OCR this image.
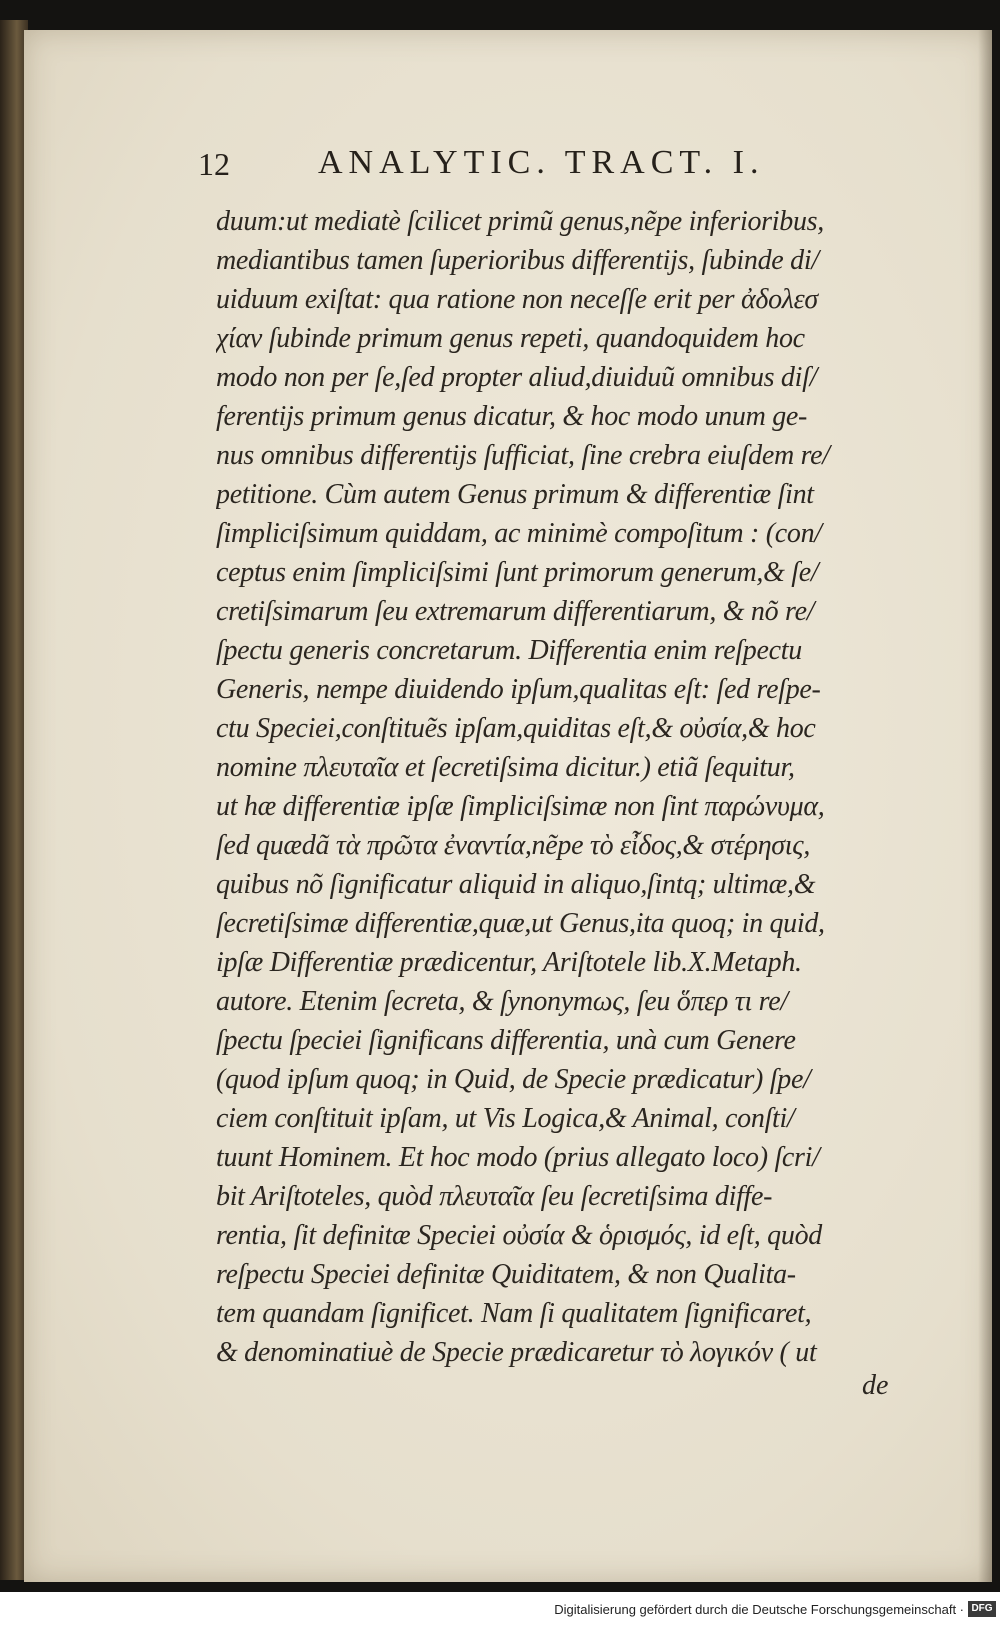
12	ANALYTIC. TRACT. I.
duum:ut mediatè ſcilicet primũ genus,nẽpe inferioribus,
mediantibus tamen ſuperioribus differentijs, ſubinde di/
uiduum exiſtat: qua ratione non neceſſe erit per ἀδολεσ
χίαν ſubinde primum genus repeti, quandoquidem hoc
modo non per ſe,ſed propter aliud,diuiduũ omnibus diſ/
ferentijs primum genus dicatur, & hoc modo unum ge-
nus omnibus differentijs ſufficiat, ſine crebra eiuſdem re/
petitione. Cùm autem Genus primum & differentiæ ſint
ſimpliciſsimum quiddam, ac minimè compoſitum : (con/
ceptus enim ſimpliciſsimi ſunt primorum generum,& ſe/
cretiſsimarum ſeu extremarum differentiarum, & nõ re/
ſpectu generis concretarum. Differentia enim reſpectu
Generis, nempe diuidendo ipſum,qualitas eſt: ſed reſpe-
ctu Speciei,conſtituẽs ipſam,quiditas eſt,& οὐσία,& hoc
nomine πλευταῖα et ſecretiſsima dicitur.) etiã ſequitur,
ut hæ differentiæ ipſæ ſimpliciſsimæ non ſint παρώνυμα,
ſed quædã τὰ πρῶτα ἐναντία,nẽpe τὸ εἶδος,& στέρησις,
quibus nõ ſignificatur aliquid in aliquo,ſintq; ultimæ,&
ſecretiſsimæ differentiæ,quæ,ut Genus,ita quoq; in quid,
ipſæ Differentiæ prædicentur, Ariſtotele lib.X.Metaph.
autore. Etenim ſecreta, & ſynonymως, ſeu ὅπερ τι re/
ſpectu ſpeciei ſignificans differentia, unà cum Genere
(quod ipſum quoq; in Quid, de Specie prædicatur) ſpe/
ciem conſtituit ipſam, ut Vis Logica,& Animal, conſti/
tuunt Hominem. Et hoc modo (prius allegato loco) ſcri/
bit Ariſtoteles, quòd πλευταῖα ſeu ſecretiſsima diffe-
rentia, ſit definitæ Speciei οὐσία & ὁρισμός, id eſt, quòd
reſpectu Speciei definitæ Quiditatem, & non Qualita-
tem quandam ſignificet. Nam ſi qualitatem ſignificaret,
& denominatiuè de Specie prædicaretur τὸ λογικόν ( ut
de
Digitalisierung gefördert durch die Deutsche Forschungsgemeinschaft · DFG
